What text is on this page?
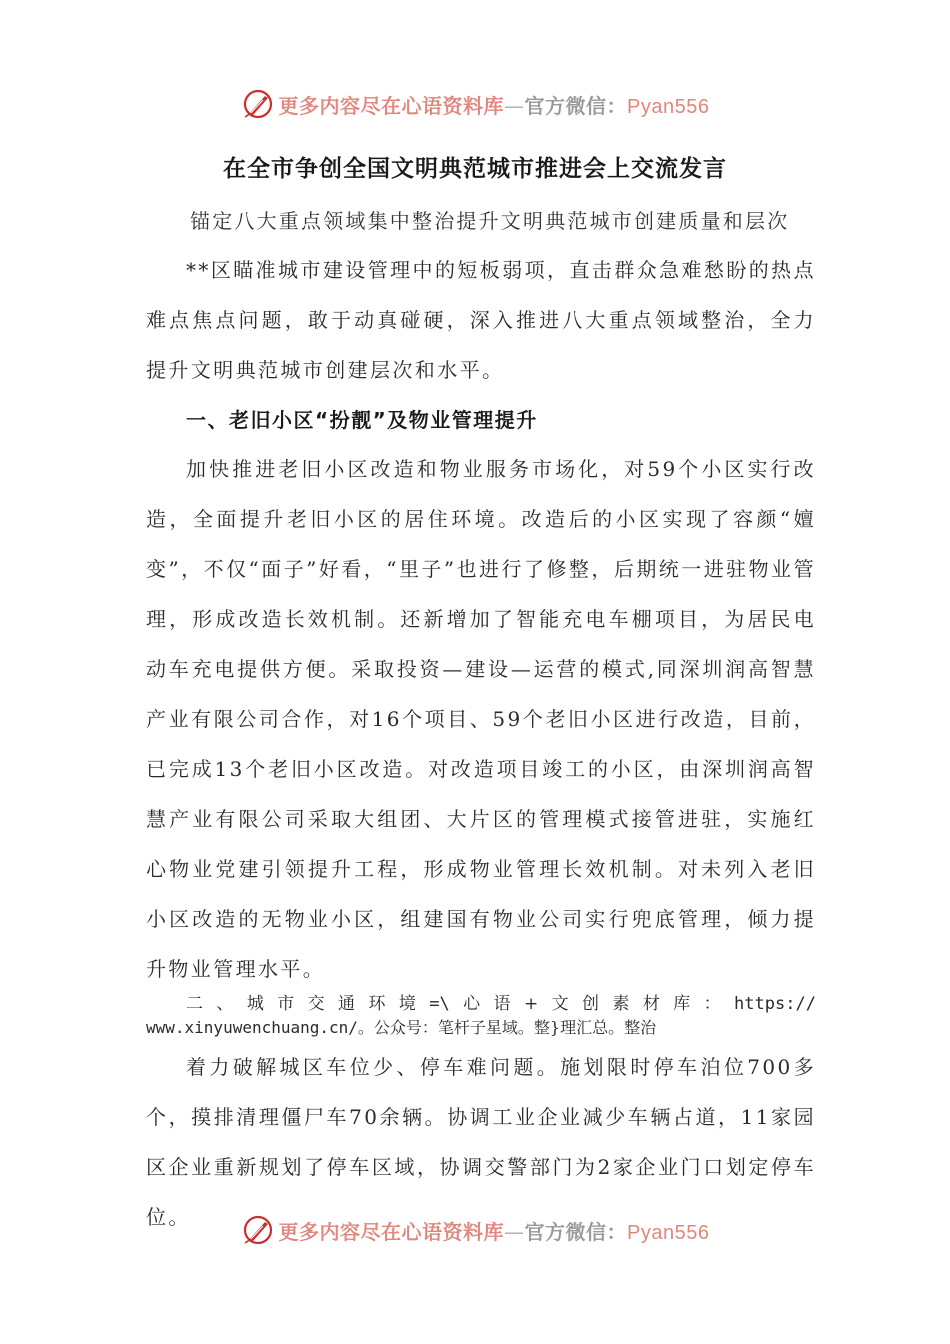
更多内容尽在心语资料库—官方微信：Pyan556
在全市争创全国文明典范城市推进会上交流发言
锚定八大重点领域集中整治提升文明典范城市创建质量和层次

**区瞄准城市建设管理中的短板弱项，直击群众急难愁盼的热点难点焦点问题，敢于动真碰硬，深入推进八大重点领域整治，全力提升文明典范城市创建层次和水平。

一、老旧小区“扮靓”及物业管理提升

加快推进老旧小区改造和物业服务市场化，对59个小区实行改造，全面提升老旧小区的居住环境。改造后的小区实现了容颜“嬗变”，不仅“面子”好看，“里子”也进行了修整，后期统一进驻物业管理，形成改造长效机制。还新增加了智能充电车棚项目，为居民电动车充电提供方便。采取投资—建设—运营的模式,同深圳润高智慧产业有限公司合作，对16个项目、59个老旧小区进行改造，目前，已完成13个老旧小区改造。对改造项目竣工的小区，由深圳润高智慧产业有限公司采取大组团、大片区的管理模式接管进驻，实施红心物业党建引领提升工程，形成物业管理长效机制。对未列入老旧小区改造的无物业小区，组建国有物业公司实行兜底管理，倾力提升物业管理水平。

二 、 城 市 交 通 环 境 =\ 心 语 + 文 创 素 材 库 ： https://
www.xinyuwenchuang.cn/。公众号：笔杆子星域。整}理汇总。整治

着力破解城区车位少、停车难问题。施划限时停车泊位700多个，摸排清理僵尸车70余辆。协调工业企业减少车辆占道，11家园区企业重新规划了停车区域，协调交警部门为2家企业门口划定停车位。

更多内容尽在心语资料库—官方微信：Pyan556
